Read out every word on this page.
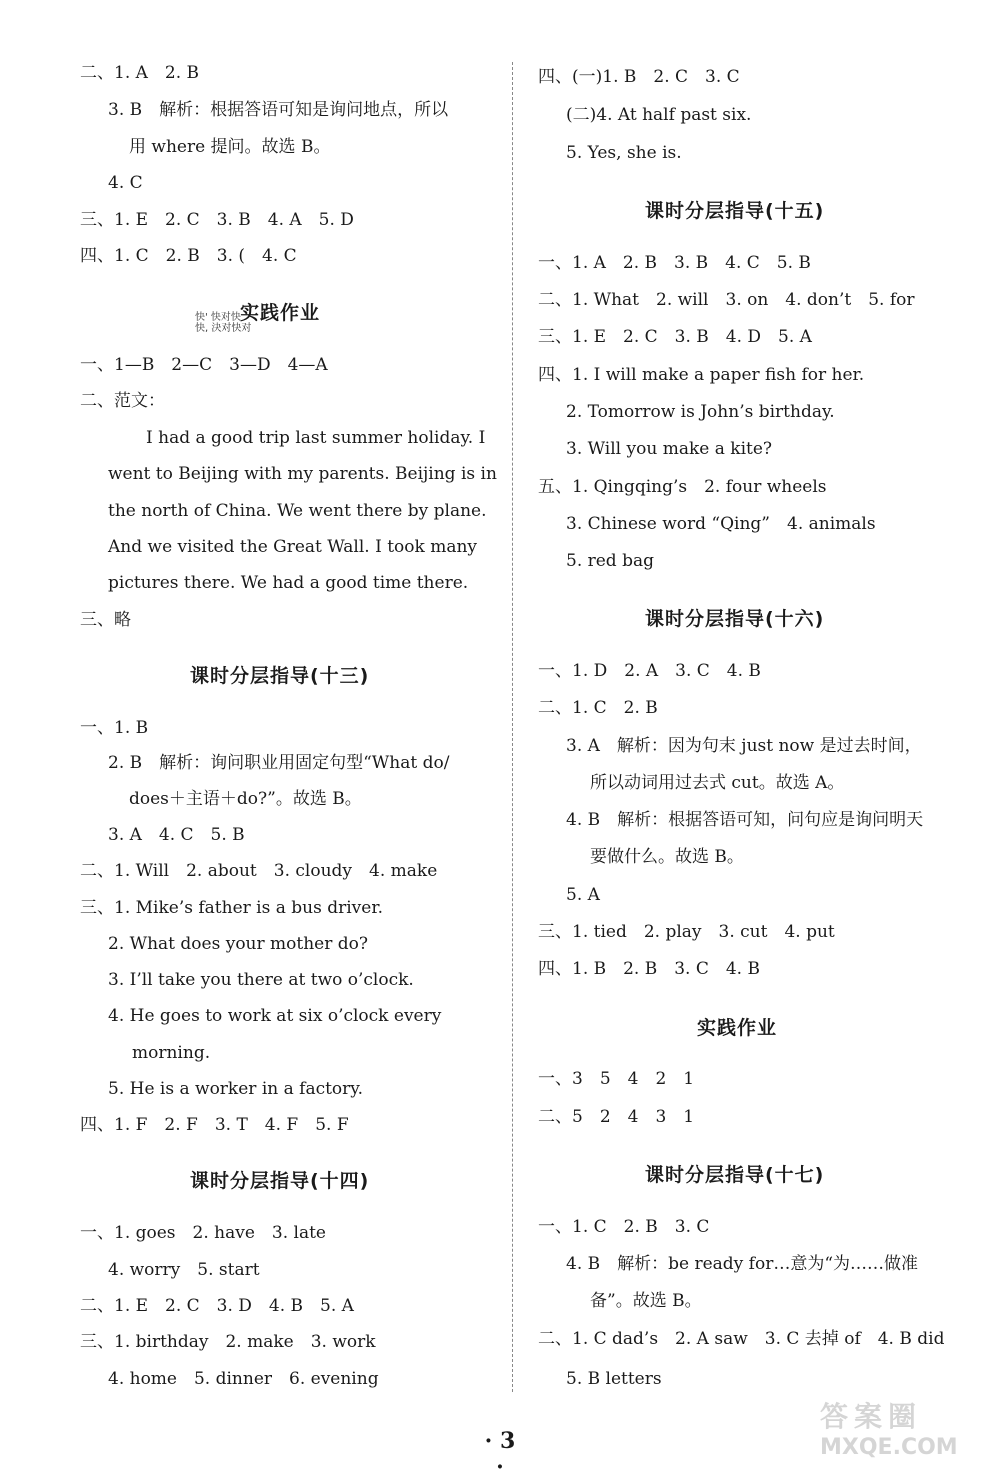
二、1. A　2. B
3. B　解析：根据答语可知是询问地点，所以
用 where 提问。故选 B。
4. C
三、1. E　2. C　3. B　4. A　5. D
四、1. C　2. B　3. (　4. C
快' 快对快
快, 決对快对
实践作业
一、1—B　2—C　3—D　4—A
二、范文：
I had a good trip last summer holiday. I
went to Beijing with my parents. Beijing is in
the north of China. We went there by plane.
And we visited the Great Wall. I took many
pictures there. We had a good time there.
三、略
课时分层指导(十三)
一、1. B
2. B　解析：询问职业用固定句型“What do/
does＋主语＋do?”。故选 B。
3. A　4. C　5. B
二、1. Will　2. about　3. cloudy　4. make
三、1. Mike’s father is a bus driver.
2. What does your mother do?
3. I’ll take you there at two o’clock.
4. He goes to work at six o’clock every
morning.
5. He is a worker in a factory.
四、1. F　2. F　3. T　4. F　5. F
课时分层指导(十四)
一、1. goes　2. have　3. late
4. worry　5. start
二、1. E　2. C　3. D　4. B　5. A
三、1. birthday　2. make　3. work
4. home　5. dinner　6. evening
四、(一)1. B　2. C　3. C
(二)4. At half past six.
5. Yes, she is.
课时分层指导(十五)
一、1. A　2. B　3. B　4. C　5. B
二、1. What　2. will　3. on　4. don’t　5. for
三、1. E　2. C　3. B　4. D　5. A
四、1. I will make a paper fish for her.
2. Tomorrow is John’s birthday.
3. Will you make a kite?
五、1. Qingqing’s　2. four wheels
3. Chinese word “Qing”　4. animals
5. red bag
课时分层指导(十六)
一、1. D　2. A　3. C　4. B
二、1. C　2. B
3. A　解析：因为句末 just now 是过去时间，
所以动词用过去式 cut。故选 A。
4. B　解析：根据答语可知，问句应是询问明天
要做什么。故选 B。
5. A
三、1. tied　2. play　3. cut　4. put
四、1. B　2. B　3. C　4. B
实践作业
一、3　5　4　2　1
二、5　2　4　3　1
课时分层指导(十七)
一、1. C　2. B　3. C
4. B　解析：be ready for…意为“为……做准
备”。故选 B。
二、1. C dad’s　2. A saw　3. C 去掉 of　4. B did
5. B letters
· 3 ·
答案圈
MXQE.COM
